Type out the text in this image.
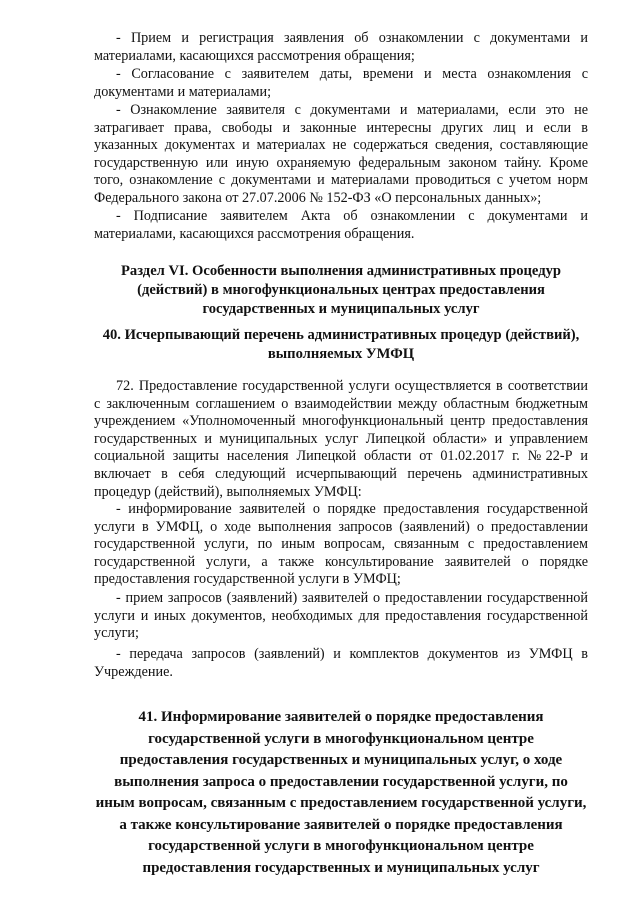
- Прием и регистрация заявления об ознакомлении с документами и материалами, касающихся рассмотрения обращения;

- Согласование с заявителем даты, времени и места ознакомления с документами и материалами;

- Ознакомление заявителя с документами и материалами, если это не затрагивает права, свободы и законные интересны других лиц и если в указанных документах и материалах не содержаться сведения, составляющие государственную или иную охраняемую федеральным законом тайну. Кроме того, ознакомление с документами и материалами проводиться с учетом норм Федерального закона от 27.07.2006 № 152-ФЗ «О персональных данных»;

- Подписание заявителем Акта об ознакомлении с документами и материалами, касающихся рассмотрения обращения.

Раздел VI. Особенности выполнения административных процедур (действий) в многофункциональных центрах предоставления государственных и муниципальных услуг
40. Исчерпывающий перечень административных процедур (действий), выполняемых УМФЦ

72. Предоставление государственной услуги осуществляется в соответствии с заключенным соглашением о взаимодействии между областным бюджетным учреждением «Уполномоченный многофункциональный центр предоставления государственных и муниципальных услуг Липецкой области» и управлением социальной защиты населения Липецкой области от 01.02.2017 г. №22-Р и включает в себя следующий исчерпывающий перечень административных процедур (действий), выполняемых УМФЦ:

- информирование заявителей о порядке предоставления государственной услуги в УМФЦ, о ходе выполнения запросов (заявлений) о предоставлении государственной услуги, по иным вопросам, связанным с предоставлением государственной услуги, а также консультирование заявителей о порядке предоставления государственной услуги в УМФЦ;

- прием запросов (заявлений) заявителей о предоставлении государственной услуги и иных документов, необходимых для предоставления государственной услуги;

- передача запросов (заявлений) и комплектов документов из УМФЦ в Учреждение.

41. Информирование заявителей о порядке предоставления государственной услуги в многофункциональном центре предоставления государственных и муниципальных услуг, о ходе выполнения запроса о предоставлении государственной услуги, по иным вопросам, связанным с предоставлением государственной услуги, а также консультирование заявителей о порядке предоставления государственной услуги в многофункциональном центре предоставления государственных и муниципальных услуг
